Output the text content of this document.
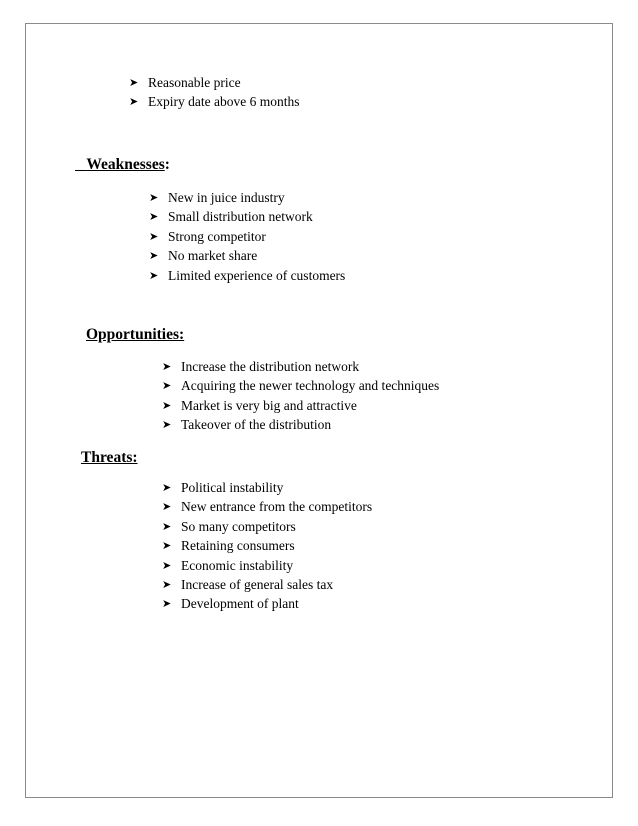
➤ Reasonable price
➤ Expiry date above 6 months
Weaknesses:
➤ New in juice industry
➤ Small distribution network
➤ Strong competitor
➤ No market share
➤ Limited experience of customers
Opportunities:
➤ Increase the distribution network
➤ Acquiring the newer technology and techniques
➤ Market is very big and attractive
➤ Takeover of the distribution
Threats:
➤ Political instability
➤ New entrance from the competitors
➤ So many competitors
➤ Retaining consumers
➤ Economic instability
➤ Increase of general sales tax
➤ Development of plant
